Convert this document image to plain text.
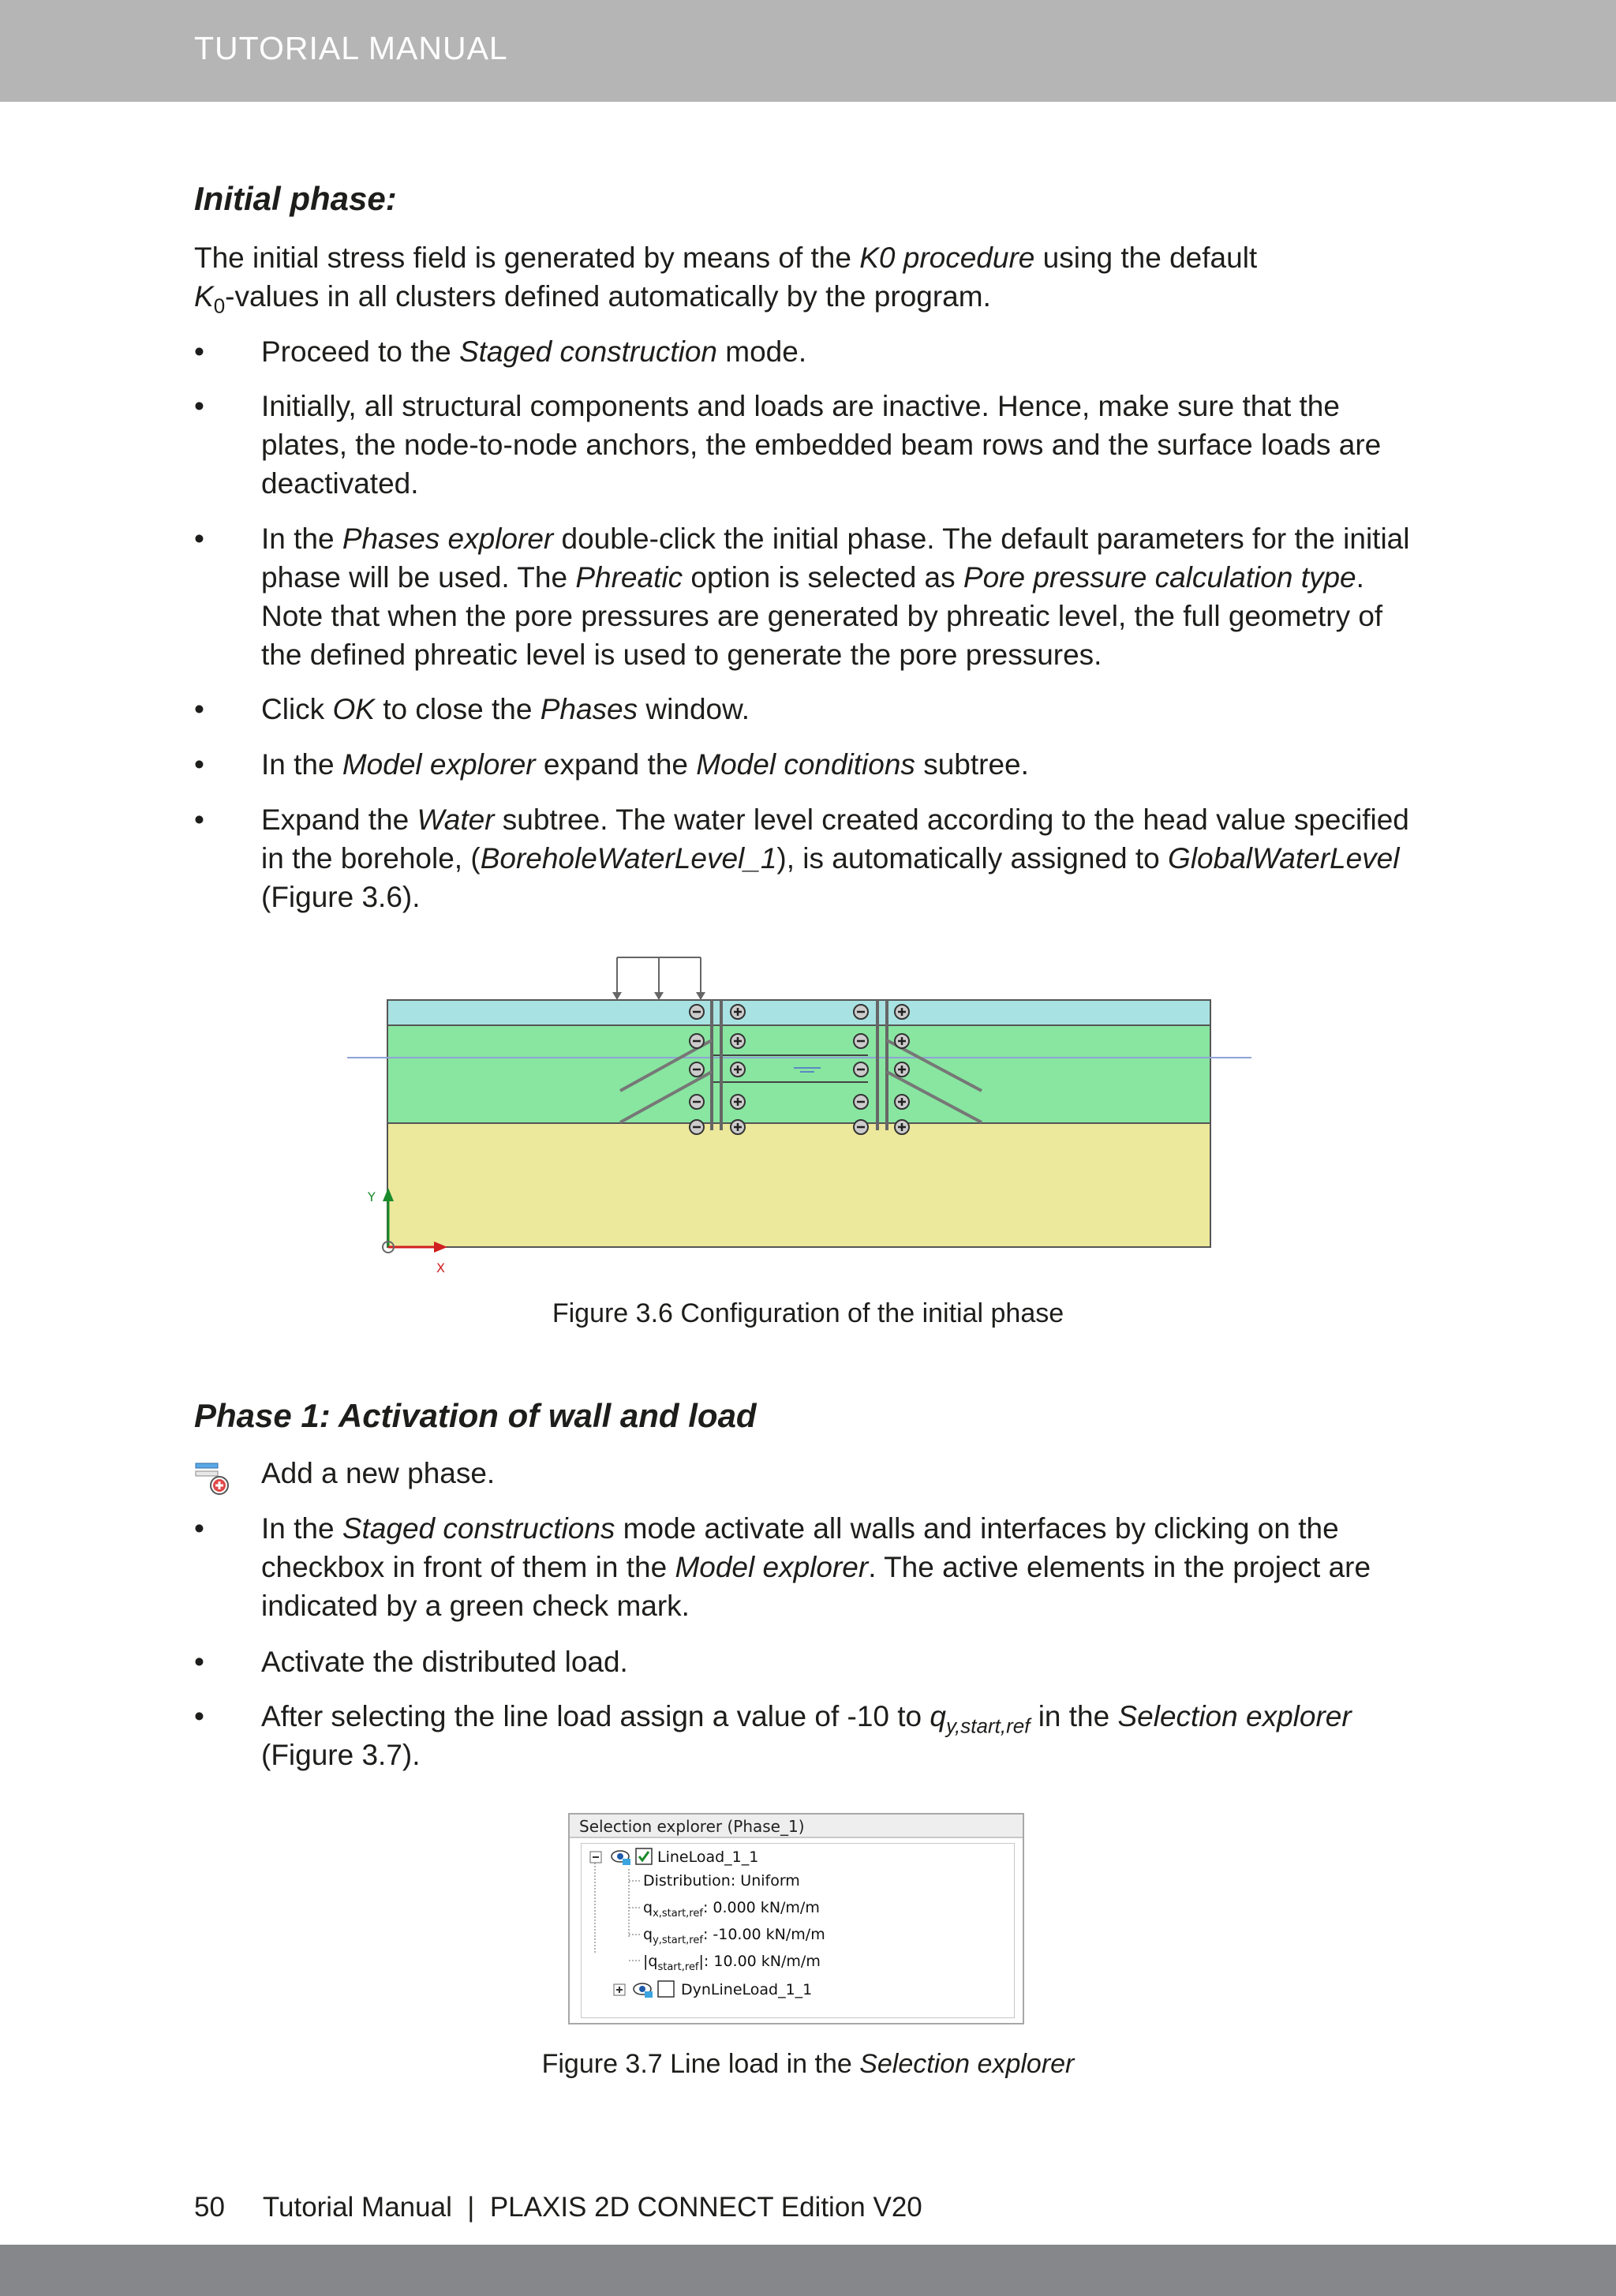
TUTORIAL MANUAL
Initial phase:
The initial stress field is generated by means of the K0 procedure using the default
$K_0$-values in all clusters defined automatically by the program.
• Proceed to the Staged construction mode.
• Initially, all structural components and loads are inactive. Hence, make sure that the plates, the node-to-node anchors, the embedded beam rows and the surface loads are deactivated.
• In the Phases explorer double-click the initial phase. The default parameters for the initial phase will be used. The Phreatic option is selected as Pore pressure calculation type. Note that when the pore pressures are generated by phreatic level, the full geometry of the defined phreatic level is used to generate the pore pressures.
• Click OK to close the Phases window.
• In the Model explorer expand the Model conditions subtree.
• Expand the Water subtree. The water level created according to the head value specified in the borehole, (BoreholeWaterLevel_1), is automatically assigned to GlobalWaterLevel (Figure 3.6).
Phase 1: Activation of wall and load
Add a new phase.
• In the Staged constructions mode activate all walls and interfaces by clicking on the checkbox in front of them in the Model explorer. The active elements in the project are indicated by a green check mark.
• Activate the distributed load.
• After selecting the line load assign a value of -10 to $q_{y,start,ref}$ in the Selection explorer (Figure 3.7).
Y
X
Figure 3.6 Configuration of the initial phase
Selection explorer (Phase_1)
LineLoad_1_1
Distribution: Uniform
$q_{x,start,ref}$: 0.000 kN/m/m
$q_{y,start,ref}$: -10.00 kN/m/m
$|q_{start,ref}|$: 10.00 kN/m/m
DynLineLoad_1_1
Figure 3.7 Line load in the Selection explorer
50     Tutorial Manual  |  PLAXIS 2D CONNECT Edition V20
